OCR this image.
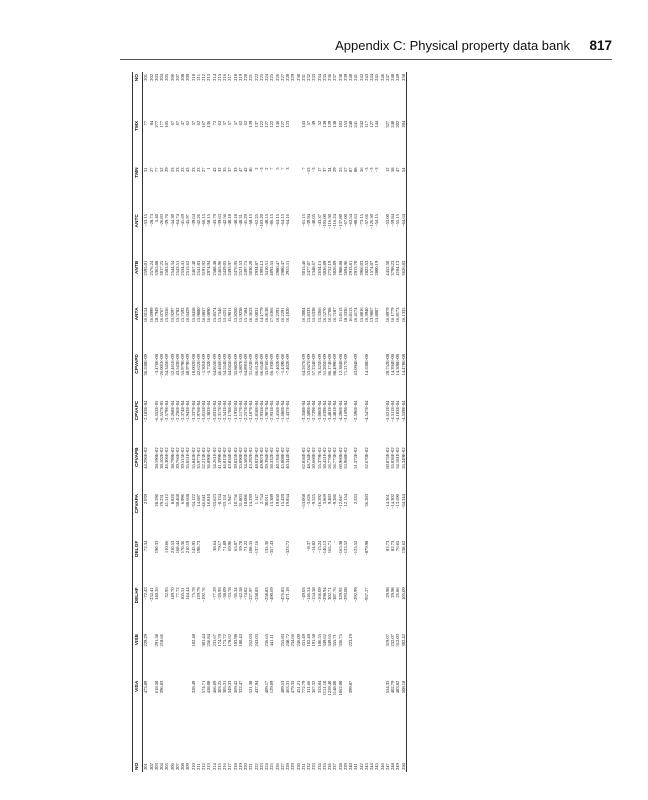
Appendix C: Physical property data bank 817
NO	VISA	VISB	DELHF	DELGF	CPVAPA	CPVAPB	CPVAPC	CPVAPD	ANTA	ANTB	ANTC	TMN	TMX	NO
201	473.89	229.29	−72.43	72.34	2.039	44.296E-02	−2.183E-04	36.530E-09	16.0154	2595.01	−53.15	31	77	201
202			−252.41						16.0999	2576.24	−28.73	27	84	202
203	618.50	291.58	140.26	190.33	28.596	28.190E-02	−6.552E-05	−3.476E-08	18.7949	3365.88	5.40	77	277	203
204	396.83	218.66			29.231	38.102E-02	−6.557E-05	−26.001E-09	16.0767	3017.25	−26.83	52	177	204
205			32.95	110.66	41.512	46.306E-02	−2.579E-04	54.345E-09	15.9356	2583.07	−39.70	29	105	205
206			149.70	210.53	8.826	38.799E-02	−2.268E-04	52.461E-09	15.9297	2544.34	−44.30	23	67	206
207			77.72	168.44	30.468	39.766E-02	−2.236E-04	43.543E-09	15.3782	2543.51	−64.74	23	67	207
208			105.51	170.36	6.996	39.515E-02	−2.374E-04	55.979E-09	15.7592	2534.41	−41.69	23	47	208
209			144.44	210.19	88.668	35.051E-02	−1.943E-04	40.979E-09	16.0429	2515.62	−45.97	43	62	209
210	328.49	182.48	75.78	145.95	−34.122	55.843E-02	−3.337E-04	10.002E-08	15.8458	2467.40	−39.64	23	57	210
211			129.79	198.73	14.687	35.977E-02	−1.976E-04	42.622E-09	15.9880	2541.83	−42.26	23	62	211
212	574.71	301.44	−192.76		−46.641	52.213E-02	−3.015E-04	−1.301E-09	16.0857	3191.92	−66.15	27	167	212
213	458.08	256.84			16.810	36.890E-02	−1.382E-04	−5.732E-09	16.0890	2974.94	−58.15	1	136	213
214	466.69	231.67	−77.29	38.64	−33.623	54.261E-02	−3.031E-04	64.855E-09	15.8574	2588.48	−43.79	42	72	214
215	303.25	174.70	−20.93	79.17	−0.134	41.399E-02	−2.317E-04	46.466E-09	15.7546	2465.96	−39.63	32	62	215
216	305.31	175.72	−38.09	71.89	−33.151	46.013E-02	−2.541E-04	54.554E-09	15.6251	2459.05	−42.56	35	57	216
217	349.33	178.62	−33.78	69.96	1.947	43.834E-02	−2.178E-04	44.045E-09	15.9011	2495.97	−40.18	37	57	217
218	369.42	183.98	−36.34	65.07	10.756	39.025E-02	−1.193E-04	35.882E-09	15.8260	2476.95	−40.18	33	57	218
219	322.47	180.43	−42.58	59.70	31.803	35.090E-02	−1.117E-04	−5.807E-09	15.9238	2521.53	−40.31	47	62	219
220			−74.82	71.22	10.086	34.583E-02	−2.257E-04	64.891E-09	15.7584	2497.75	−41.29	42	62	220
221	521.30	252.03	−227.97	108.35	14.239	43.292E-02	−2.107E-04	31.623E-09	16.3623	3030.20	−58.15	46	139	221
222	437.94	243.03	−258.83	−137.16	1.147	48.023E-02	−2.818E-04	66.612E-09	16.0031	2934.87	−62.25	2	137	222
223					2.754	49.907E-02	−2.935E-04	66.654E-09	14.1779	1993.12	−103.20	−3	122	223
224	409.17	236.65	−258.83	135.36	30.011	39.394E-02	−1.907E-04	33.976E-09	16.8138	3410.51	−40.15	2	127	224
225	129.09	441.11	−490.69	−357.43	13.389	50.332E-02	−2.931E-04	66.193E-09	17.6366	4092.55	−86.15	7	122	225
226					19.850	40.136E-02	−1.416E-04	−7.402E-09	16.2292	2980.47	−64.15	5	136	226
227	489.53	255.83	−476.83		15.420	45.008E-02	−1.686E-04	−1.439E-08	16.2291	2980.47	−64.15	7	127	227
228	463.31	248.72	−471.18	−323.72	19.854	40.344E-02	−1.437E-04	−7.402E-09	16.1820	2955.11	−64.16	3	123	228
229	479.35	234.66												229
230	451.21	246.09												230
231	772.79	331.49	−49.03		−53.068	62.856E-02	−3.358E-04	64.267E-09	16.3004	3015.46	−61.15	7	143	231
232	311.66	182.48	−146.54	−8.37	−3.626	48.734E-02	−2.580E-04	53.047E-09	15.8333	2477.07	−39.94	−53	57	232
233	367.32	191.58	−154.58	−14.82	−9.525	50.660E-02	−2.729E-04	57.234E-09	15.6338	2348.67	−40.05	−3	49	233
234	353.84	186.55	−166.09	−15.24	−16.592	55.379E-02	−3.006E-04	76.325E-09	15.3366	2634.15	−43.37	17	52	234
235	1151.10	349.62	−298.94	−146.12	3.869	50.451E-02	−2.639E-04	51.205E-09	16.5270	3026.89	−105.00	37	138	235
236	1259.40	349.65	302.71	165.71	9.483	56.778E-02	−3.481E-04	86.174E-09	16.2708	2752.19	−116.30	34	129	236
237	1148.00	355.71	−387.76	−	−9.286	56.773E-02	−3.481E-04	88.499E-09	16.7187	3026.89	−116.24	29	138	237
238	1062.00	336.75	329.92	−165.38	−12.047	60.960E-02	−4.206E-04	12.384E-08	15.0113	1988.08	−137.80	25	102	238
239			−293.08	−125.52	12.154	53.968E-02	−3.169E-04	71.217E-09	18.3336	3694.96	−67.00	57	153	239
240	399.87	223.19							16.0113	2913.81	−62.54	87	240	240
241			−292.99	−125.52	2.533	51.372E-02	−2.596E-04	43.094E-09	16.4174	2913.70	−80.63	88	241	241
242									15.8816	3966.03	−73.15	56	242	242
243			−957.27	−879.98	36.283	52.670E-02	−4.547E-04	14.538E-08	16.3940	2822.53	−57.66	−3	117	243
244									13.9067	1574.07	−126.50	−3	127	244
245									15.8007	2800.19	−54.15	−3	144	245
246														246
247	554.35	319.07	29.98	82.73	−14.361	60.876E-02	−5.621E-04	20.752E-08	16.8979	4452.50	−53.00	12	327	247
248	402.79	232.07	29.98	82.73	−14.302	55.036E-02	−4.511E-04	14.394E-08	16.1779	3798.23	−59.84	58	240	248
249	483.82	312.03	26.86	76.65	−13.590	54.181E-02	−4.103E-04	14.308E-08	16.8173	4104.13	−55.15	47	202	249
250	508.18	302.42	105.09	138.62	−34.344	55.349E-02	−4.559E-04	14.478E-08	16.1335	3626.83	−64.64	54	204	250
